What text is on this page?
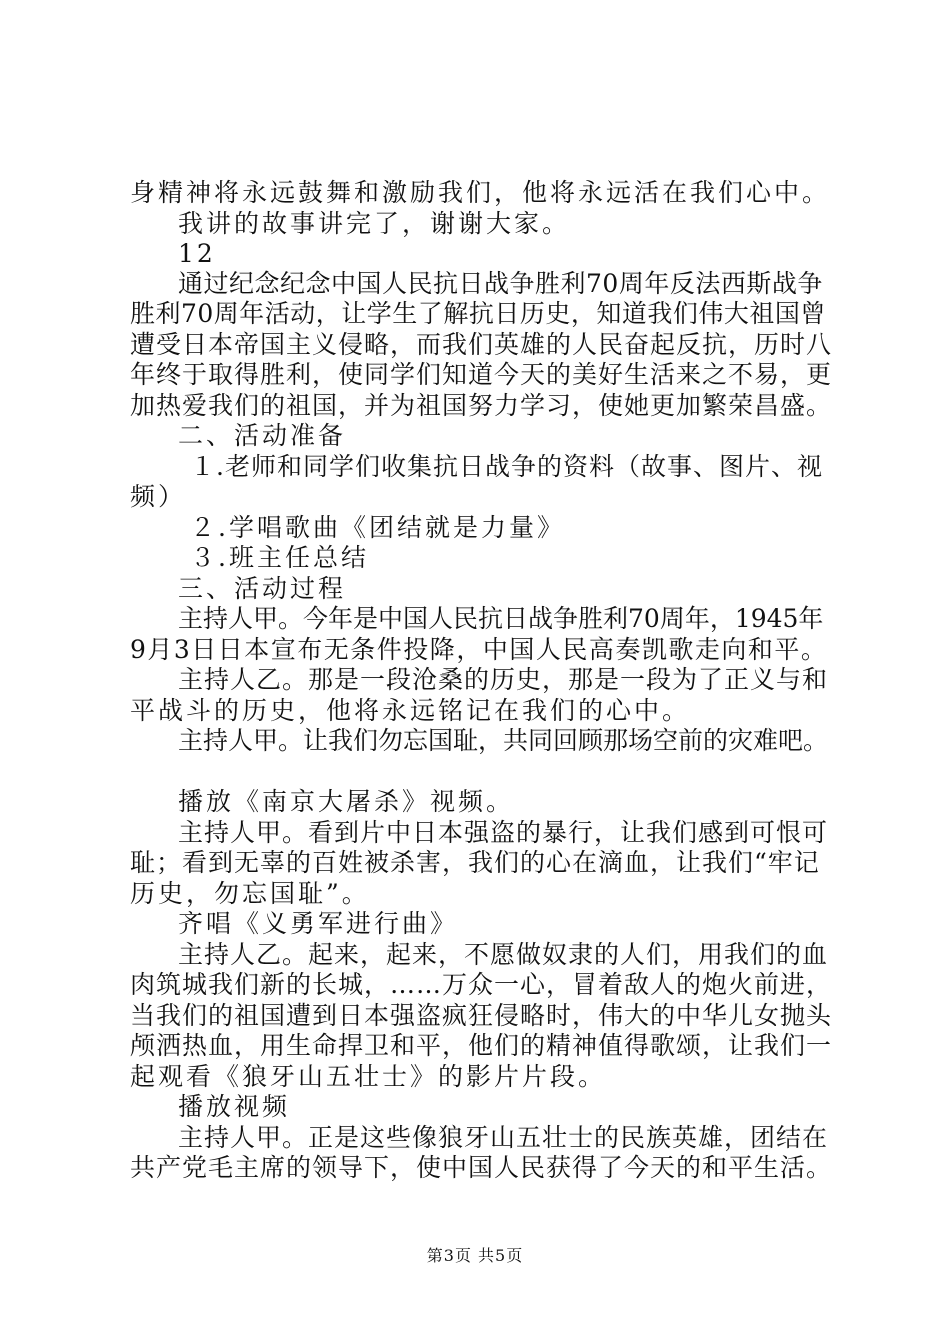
身精神将永远鼓舞和激励我们，他将永远活在我们心中。
我讲的故事讲完了，谢谢大家。
12
通过纪念纪念中国人民抗日战争胜利70周年反法西斯战争
胜利70周年活动，让学生了解抗日历史，知道我们伟大祖国曾
遭受日本帝国主义侵略，而我们英雄的人民奋起反抗，历时八
年终于取得胜利，使同学们知道今天的美好生活来之不易，更
加热爱我们的祖国，并为祖国努力学习，使她更加繁荣昌盛。
二、活动准备
１.老师和同学们收集抗日战争的资料（故事、图片、视
频）
２.学唱歌曲《团结就是力量》
３.班主任总结
三、活动过程
主持人甲。今年是中国人民抗日战争胜利70周年，1945年
9月3日日本宣布无条件投降，中国人民高奏凯歌走向和平。
主持人乙。那是一段沧桑的历史，那是一段为了正义与和
平战斗的历史，他将永远铭记在我们的心中。
主持人甲。让我们勿忘国耻，共同回顾那场空前的灾难吧。
播放《南京大屠杀》视频。
主持人甲。看到片中日本强盗的暴行，让我们感到可恨可
耻；看到无辜的百姓被杀害，我们的心在滴血，让我们“牢记
历史，勿忘国耻”。
齐唱《义勇军进行曲》
主持人乙。起来，起来，不愿做奴隶的人们，用我们的血
肉筑城我们新的长城，……万众一心，冒着敌人的炮火前进，
当我们的祖国遭到日本强盗疯狂侵略时，伟大的中华儿女抛头
颅洒热血，用生命捍卫和平，他们的精神值得歌颂，让我们一
起观看《狼牙山五壮士》的影片片段。
播放视频
主持人甲。正是这些像狼牙山五壮士的民族英雄，团结在
共产党毛主席的领导下，使中国人民获得了今天的和平生活。
第3页 共5页
